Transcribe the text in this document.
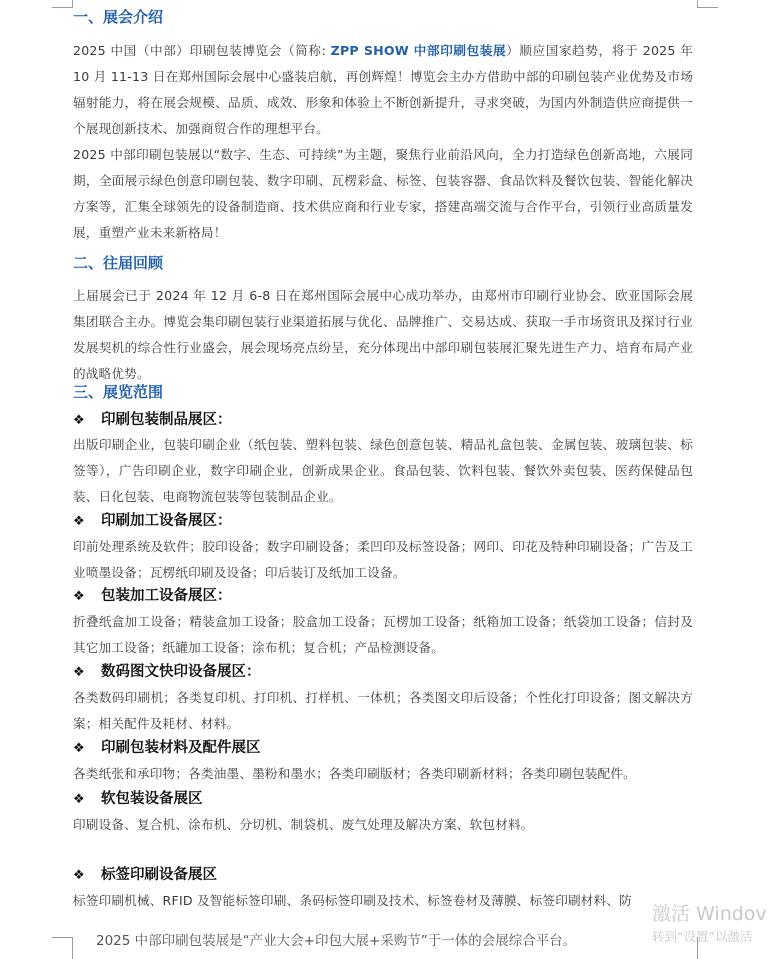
一、展会介绍

2025 中国（中部）印刷包装博览会（简称: ZPP SHOW 中部印刷包装展）顺应国家趋势，将于 2025 年 10 月 11-13 日在郑州国际会展中心盛装启航，再创辉煌！博览会主办方借助中部的印刷包装产业优势及市场辐射能力，将在展会规模、品质、成效、形象和体验上不断创新提升，寻求突破，为国内外制造供应商提供一个展现创新技术、加强商贸合作的理想平台。

2025 中部印刷包装展以“数字、生态、可持续”为主题，聚焦行业前沿风向，全力打造绿色创新高地，六展同期，全面展示绿色创意印刷包装、数字印刷、瓦楞彩盒、标签、包装容器、食品饮料及餐饮包装、智能化解决方案等，汇集全球领先的设备制造商、技术供应商和行业专家，搭建高端交流与合作平台，引领行业高质量发展，重塑产业未来新格局！

二、往届回顾

上届展会已于 2024 年 12 月 6-8 日在郑州国际会展中心成功举办，由郑州市印刷行业协会、欧亚国际会展集团联合主办。博览会集印刷包装行业渠道拓展与优化、品牌推广、交易达成、获取一手市场资讯及探讨行业发展契机的综合性行业盛会，展会现场亮点纷呈，充分体现出中部印刷包装展汇聚先进生产力、培育布局产业的战略优势。

三、展览范围
❖ 印刷包装制品展区：

出版印刷企业，包装印刷企业（纸包装、塑料包装、绿色创意包装、精品礼盒包装、金属包装、玻璃包装、标签等），广告印刷企业，数字印刷企业，创新成果企业。食品包装、饮料包装、餐饮外卖包装、医药保健品包装、日化包装、电商物流包装等包装制品企业。

❖ 印刷加工设备展区：

印前处理系统及软件；胶印设备；数字印刷设备；柔凹印及标签设备；网印、印花及特种印刷设备；广告及工业喷墨设备；瓦楞纸印刷及设备；印后装订及纸加工设备。

❖ 包装加工设备展区：

折叠纸盒加工设备；精装盒加工设备；胶盒加工设备；瓦楞加工设备；纸箱加工设备；纸袋加工设备；信封及其它加工设备；纸罐加工设备；涂布机；复合机；产品检测设备。

❖ 数码图文快印设备展区：

各类数码印刷机；各类复印机、打印机、打样机、一体机；各类图文印后设备；个性化打印设备；图文解决方案；相关配件及耗材、材料。

❖ 印刷包装材料及配件展区

各类纸张和承印物；各类油墨、墨粉和墨水；各类印刷版材；各类印刷新材料；各类印刷包装配件。

❖ 软包装设备展区

印刷设备、复合机、涂布机、分切机、制袋机、废气处理及解决方案、软包材料。

❖ 标签印刷设备展区

标签印刷机械、RFID 及智能标签印刷、条码标签印刷及技术、标签卷材及薄膜、标签印刷材料、防

2025 中部印刷包装展是“产业大会+印包大展+采购节”于一体的会展综合平台。

激活 Windov
转到“设置”以激活
